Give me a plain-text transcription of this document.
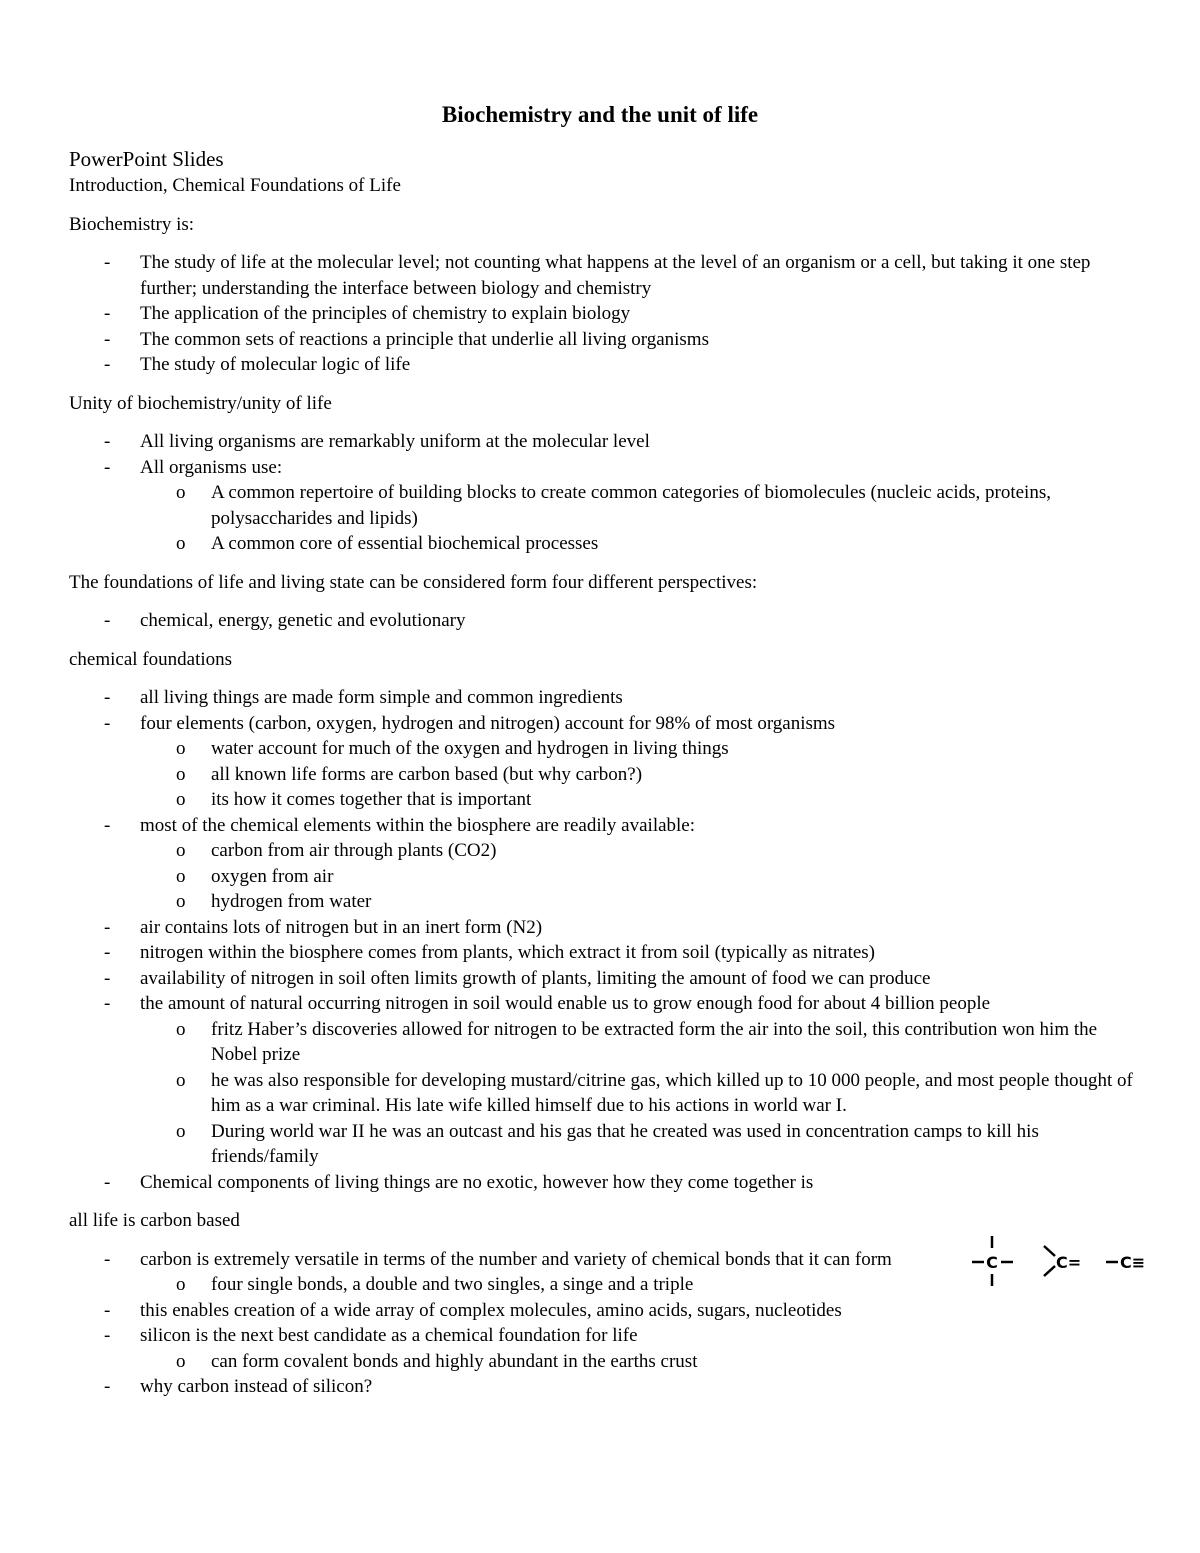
Biochemistry and the unit of life
PowerPoint Slides
Introduction, Chemical Foundations of Life
Biochemistry is:
- The study of life at the molecular level; not counting what happens at the level of an organism or a cell, but taking it one step further; understanding the interface between biology and chemistry
- The application of the principles of chemistry to explain biology
- The common sets of reactions a principle that underlie all living organisms
- The study of molecular logic of life
Unity of biochemistry/unity of life
- All living organisms are remarkably uniform at the molecular level
- All organisms use:
o A common repertoire of building blocks to create common categories of biomolecules (nucleic acids, proteins, polysaccharides and lipids)
o A common core of essential biochemical processes
The foundations of life and living state can be considered form four different perspectives:
- chemical, energy, genetic and evolutionary
chemical foundations
- all living things are made form simple and common ingredients
- four elements (carbon, oxygen, hydrogen and nitrogen) account for 98% of most organisms
o water account for much of the oxygen and hydrogen in living things
o all known life forms are carbon based (but why carbon?)
o its how it comes together that is important
- most of the chemical elements within the biosphere are readily available:
o carbon from air through plants (CO2)
o oxygen from air
o hydrogen from water
- air contains lots of nitrogen but in an inert form (N2)
- nitrogen within the biosphere comes from plants, which extract it from soil (typically as nitrates)
- availability of nitrogen in soil often limits growth of plants, limiting the amount of food we can produce
- the amount of natural occurring nitrogen in soil would enable us to grow enough food for about 4 billion people
o fritz Haber’s discoveries allowed for nitrogen to be extracted form the air into the soil, this contribution won him the Nobel prize
o he was also responsible for developing mustard/citrine gas, which killed up to 10 000 people, and most people thought of him as a war criminal. His late wife killed himself due to his actions in world war I.
o During world war II he was an outcast and his gas that he created was used in concentration camps to kill his friends/family
- Chemical components of living things are no exotic, however how they come together is
all life is carbon based
- carbon is extremely versatile in terms of the number and variety of chemical bonds that it can form
o four single bonds, a double and two singles, a singe and a triple
- this enables creation of a wide array of complex molecules, amino acids, sugars, nucleotides
- silicon is the next best candidate as a chemical foundation for life
o can form covalent bonds and highly abundant in the earths crust
- why carbon instead of silicon?
C	C= C≡
